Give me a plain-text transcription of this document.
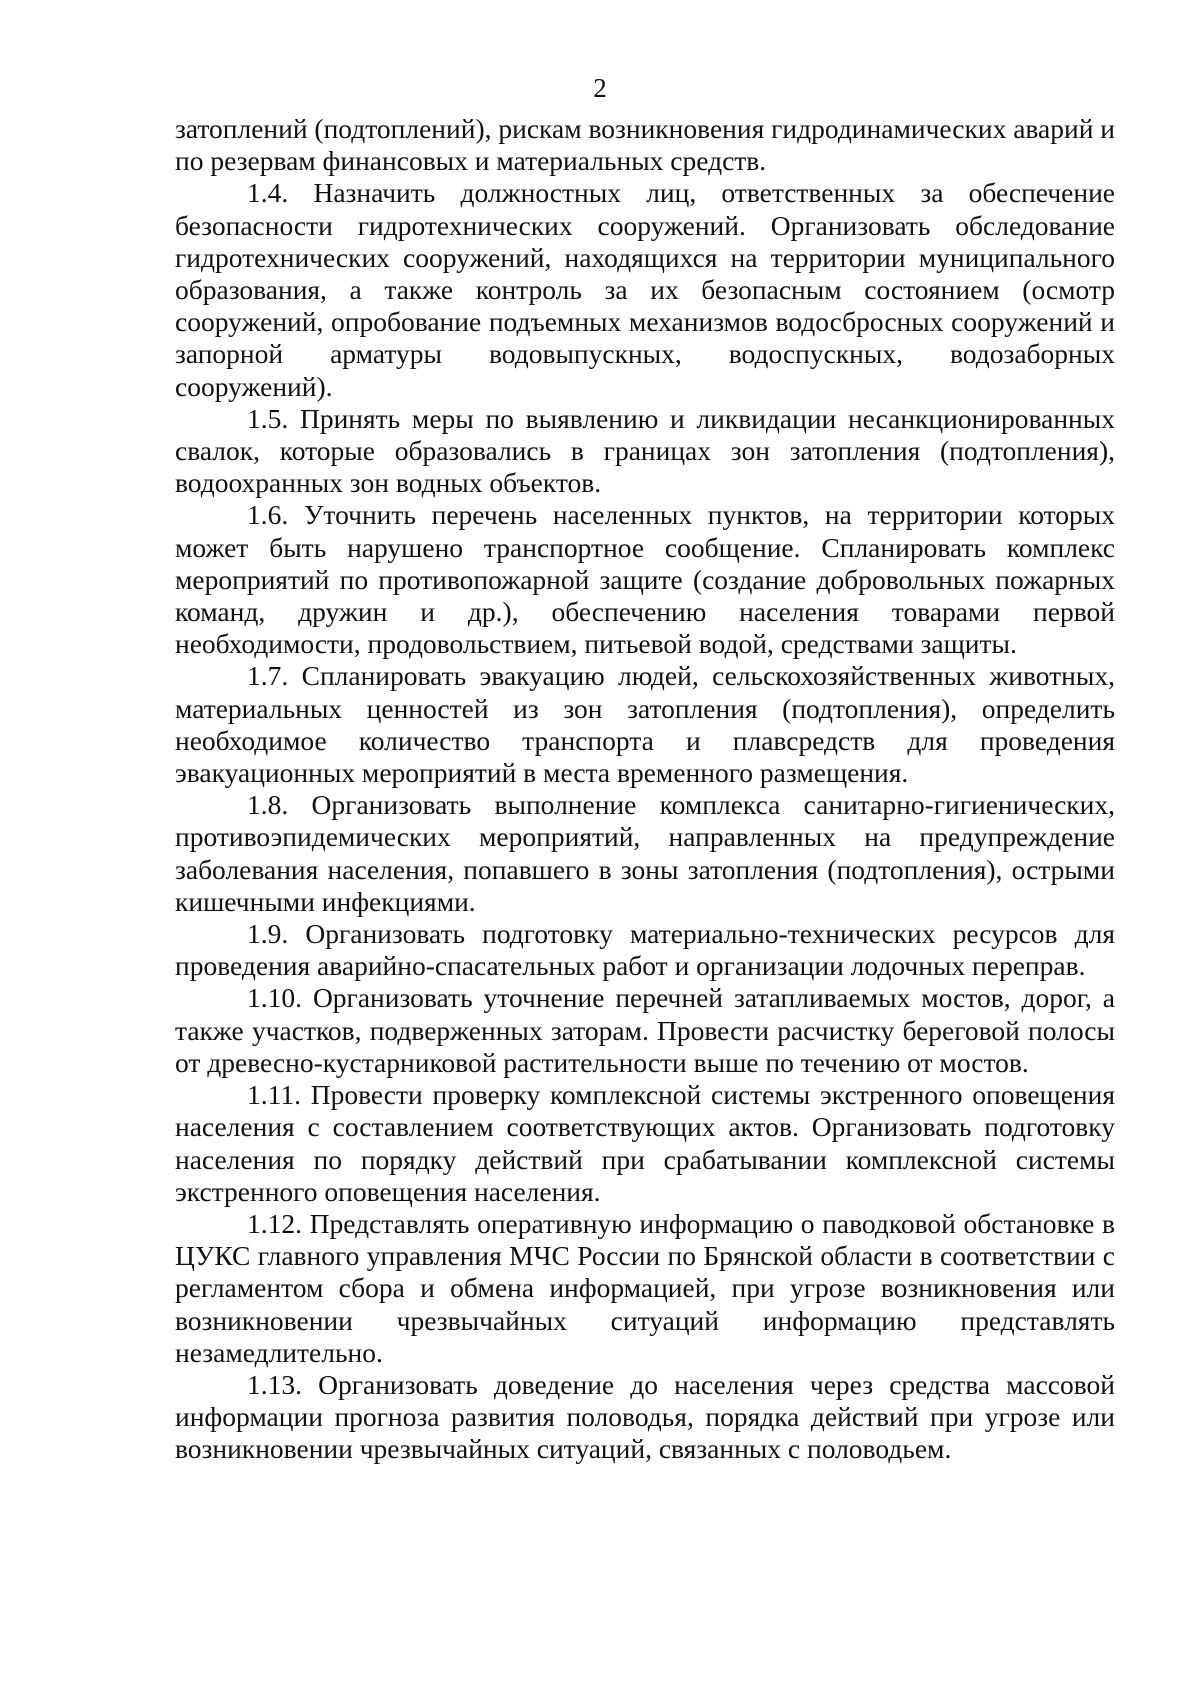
2

затоплений (подтоплений), рискам возникновения гидродинамических аварий и по резервам финансовых и материальных средств.

1.4. Назначить должностных лиц, ответственных за обеспечение безопасности гидротехнических сооружений. Организовать обследование гидротехнических сооружений, находящихся на территории муниципального образования, а также контроль за их безопасным состоянием (осмотр сооружений, опробование подъемных механизмов водосбросных сооружений и запорной арматуры водовыпускных, водоспускных, водозаборных сооружений).

1.5. Принять меры по выявлению и ликвидации несанкционированных свалок, которые образовались в границах зон затопления (подтопления), водоохранных зон водных объектов.

1.6. Уточнить перечень населенных пунктов, на территории которых может быть нарушено транспортное сообщение. Спланировать комплекс мероприятий по противопожарной защите (создание добровольных пожарных команд, дружин и др.), обеспечению населения товарами первой необходимости, продовольствием, питьевой водой, средствами защиты.

1.7. Спланировать эвакуацию людей, сельскохозяйственных животных, материальных ценностей из зон затопления (подтопления), определить необходимое количество транспорта и плавсредств для проведения эвакуационных мероприятий в места временного размещения.

1.8. Организовать выполнение комплекса санитарно-гигиенических, противоэпидемических мероприятий, направленных на предупреждение заболевания населения, попавшего в зоны затопления (подтопления), острыми кишечными инфекциями.

1.9. Организовать подготовку материально-технических ресурсов для проведения аварийно-спасательных работ и организации лодочных переправ.

1.10. Организовать уточнение перечней затапливаемых мостов, дорог, а также участков, подверженных заторам. Провести расчистку береговой полосы от древесно-кустарниковой растительности выше по течению от мостов.

1.11. Провести проверку комплексной системы экстренного оповещения населения с составлением соответствующих актов. Организовать подготовку населения по порядку действий при срабатывании комплексной системы экстренного оповещения населения.

1.12. Представлять оперативную информацию о паводковой обстановке в ЦУКС главного управления МЧС России по Брянской области в соответствии с регламентом сбора и обмена информацией, при угрозе возникновения или возникновении чрезвычайных ситуаций информацию представлять незамедлительно.

1.13. Организовать доведение до населения через средства массовой информации прогноза развития половодья, порядка действий при угрозе или возникновении чрезвычайных ситуаций, связанных с половодьем.
